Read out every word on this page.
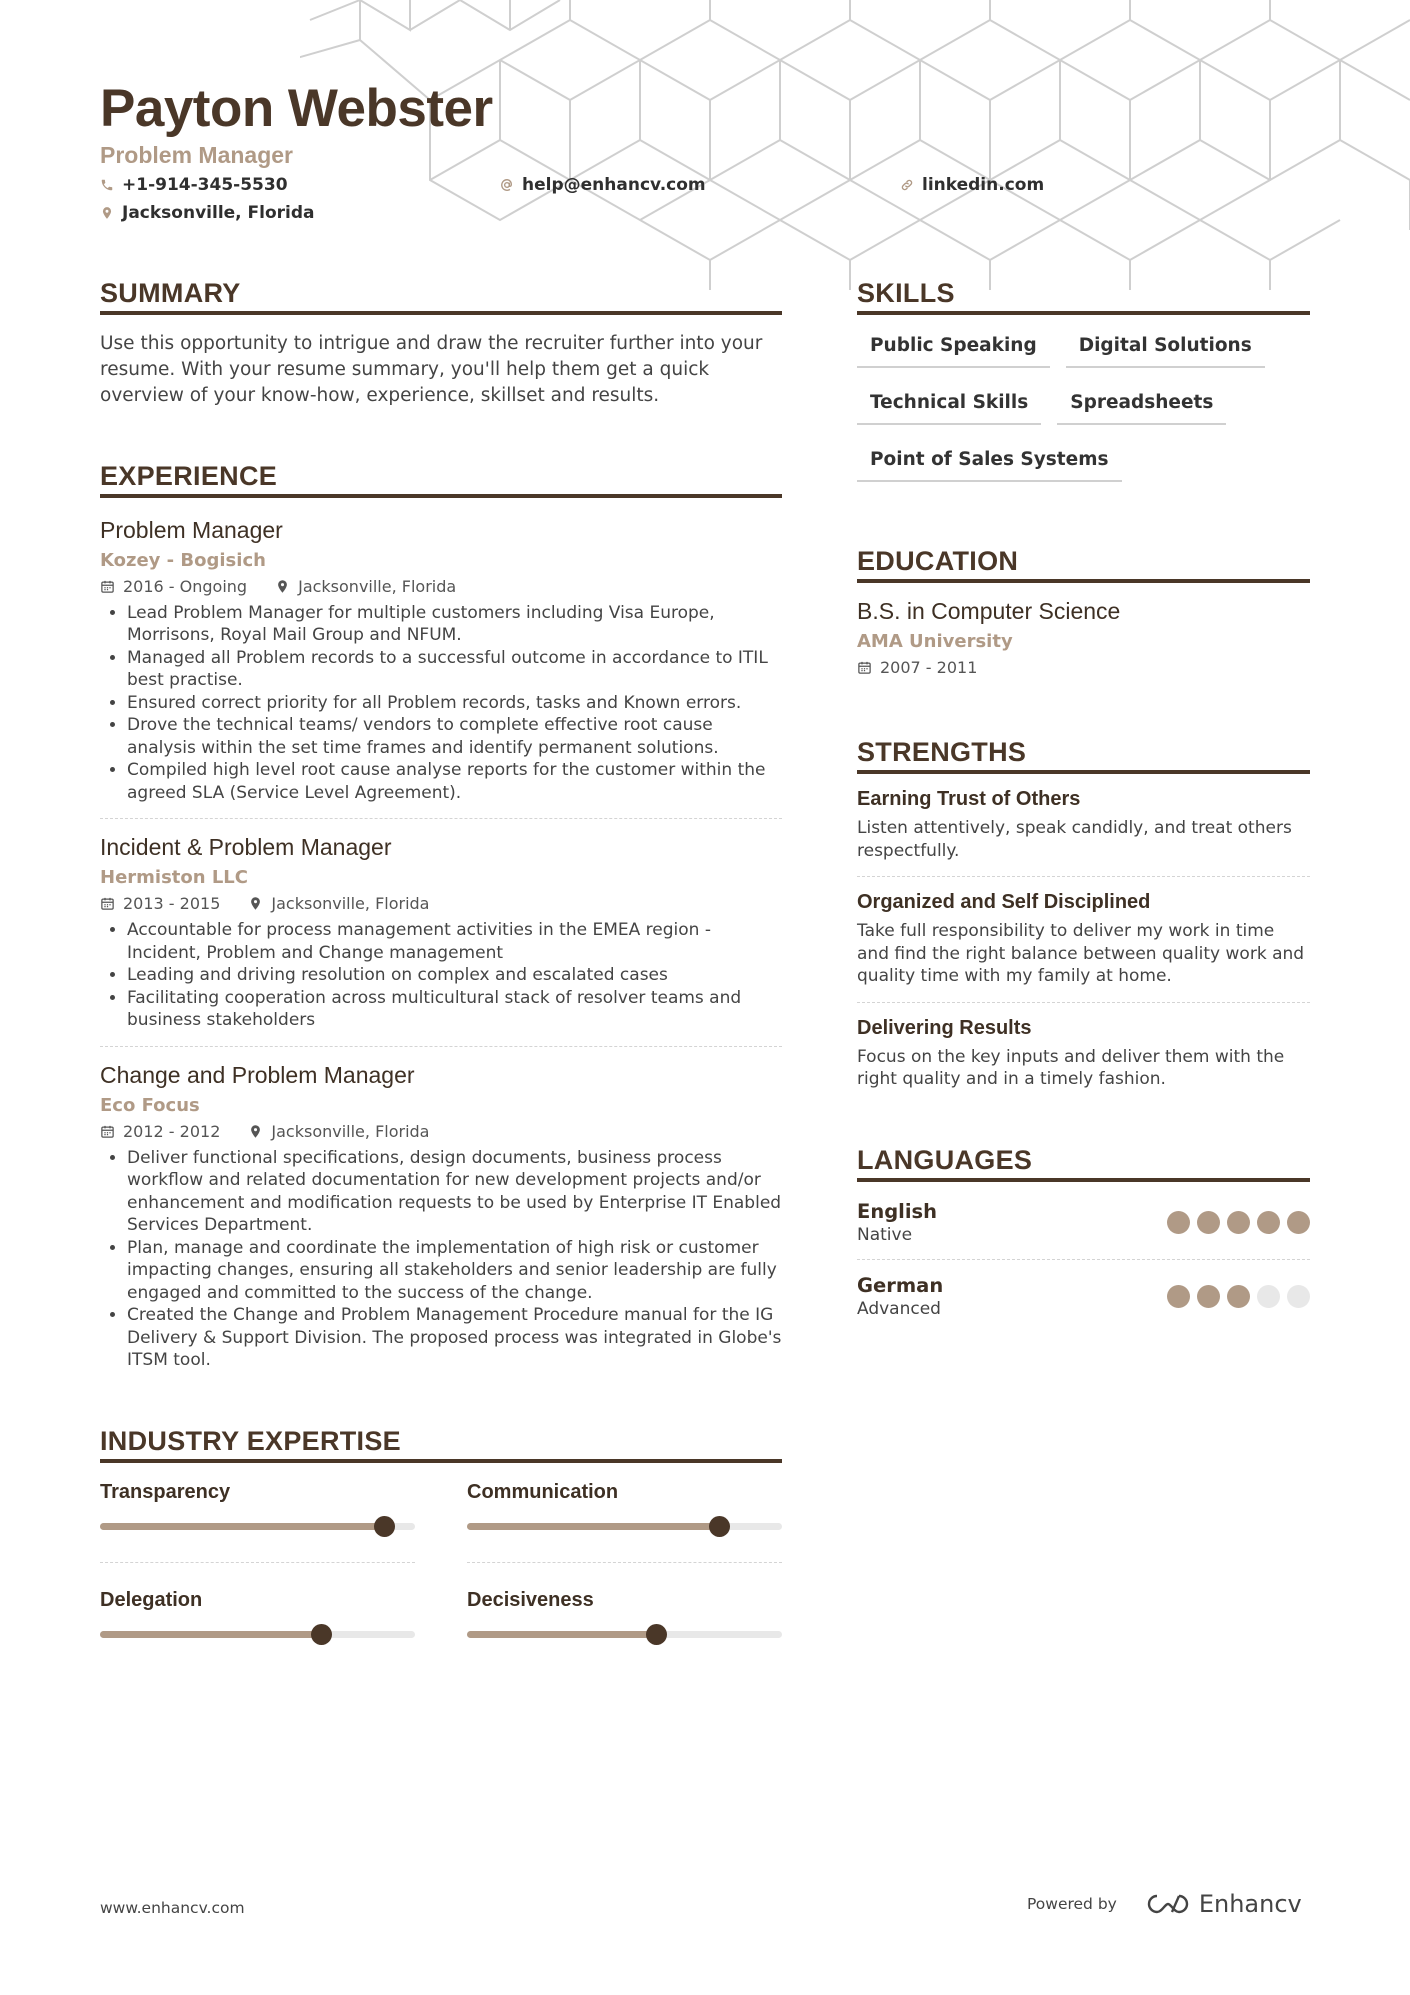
Payton Webster
Problem Manager
+1-914-345-5530	help@enhancv.com	linkedin.com
Jacksonville, Florida
SUMMARY

Use this opportunity to intrigue and draw the recruiter further into your resume. With your resume summary, you'll help them get a quick overview of your know-how, experience, skillset and results.

EXPERIENCE
Problem Manager
Kozey - Bogisich
2016 - Ongoing	Jacksonville, Florida
• Lead Problem Manager for multiple customers including Visa Europe, Morrisons, Royal Mail Group and NFUM.
• Managed all Problem records to a successful outcome in accordance to ITIL best practise.
• Ensured correct priority for all Problem records, tasks and Known errors.
• Drove the technical teams/ vendors to complete effective root cause analysis within the set time frames and identify permanent solutions.
• Compiled high level root cause analyse reports for the customer within the agreed SLA (Service Level Agreement).
Incident & Problem Manager
Hermiston LLC
2013 - 2015	Jacksonville, Florida
• Accountable for process management activities in the EMEA region - Incident, Problem and Change management
• Leading and driving resolution on complex and escalated cases
• Facilitating cooperation across multicultural stack of resolver teams and business stakeholders
Change and Problem Manager
Eco Focus
2012 - 2012	Jacksonville, Florida
• Deliver functional specifications, design documents, business process workflow and related documentation for new development projects and/or enhancement and modification requests to be used by Enterprise IT Enabled Services Department.
• Plan, manage and coordinate the implementation of high risk or customer impacting changes, ensuring all stakeholders and senior leadership are fully engaged and committed to the success of the change.
• Created the Change and Problem Management Procedure manual for the IG Delivery & Support Division. The proposed process was integrated in Globe's ITSM tool.
INDUSTRY EXPERTISE
Transparency	Communication
Delegation	Decisiveness
SKILLS
Public Speaking	Digital Solutions
Technical Skills	Spreadsheets
Point of Sales Systems
EDUCATION
B.S. in Computer Science
AMA University
2007 - 2011
STRENGTHS
Earning Trust of Others
Listen attentively, speak candidly, and treat others respectfully.
Organized and Self Disciplined
Take full responsibility to deliver my work in time and find the right balance between quality work and quality time with my family at home.
Delivering Results
Focus on the key inputs and deliver them with the right quality and in a timely fashion.
LANGUAGES
English
Native
German
Advanced
www.enhancv.com	Powered by	Enhancv
